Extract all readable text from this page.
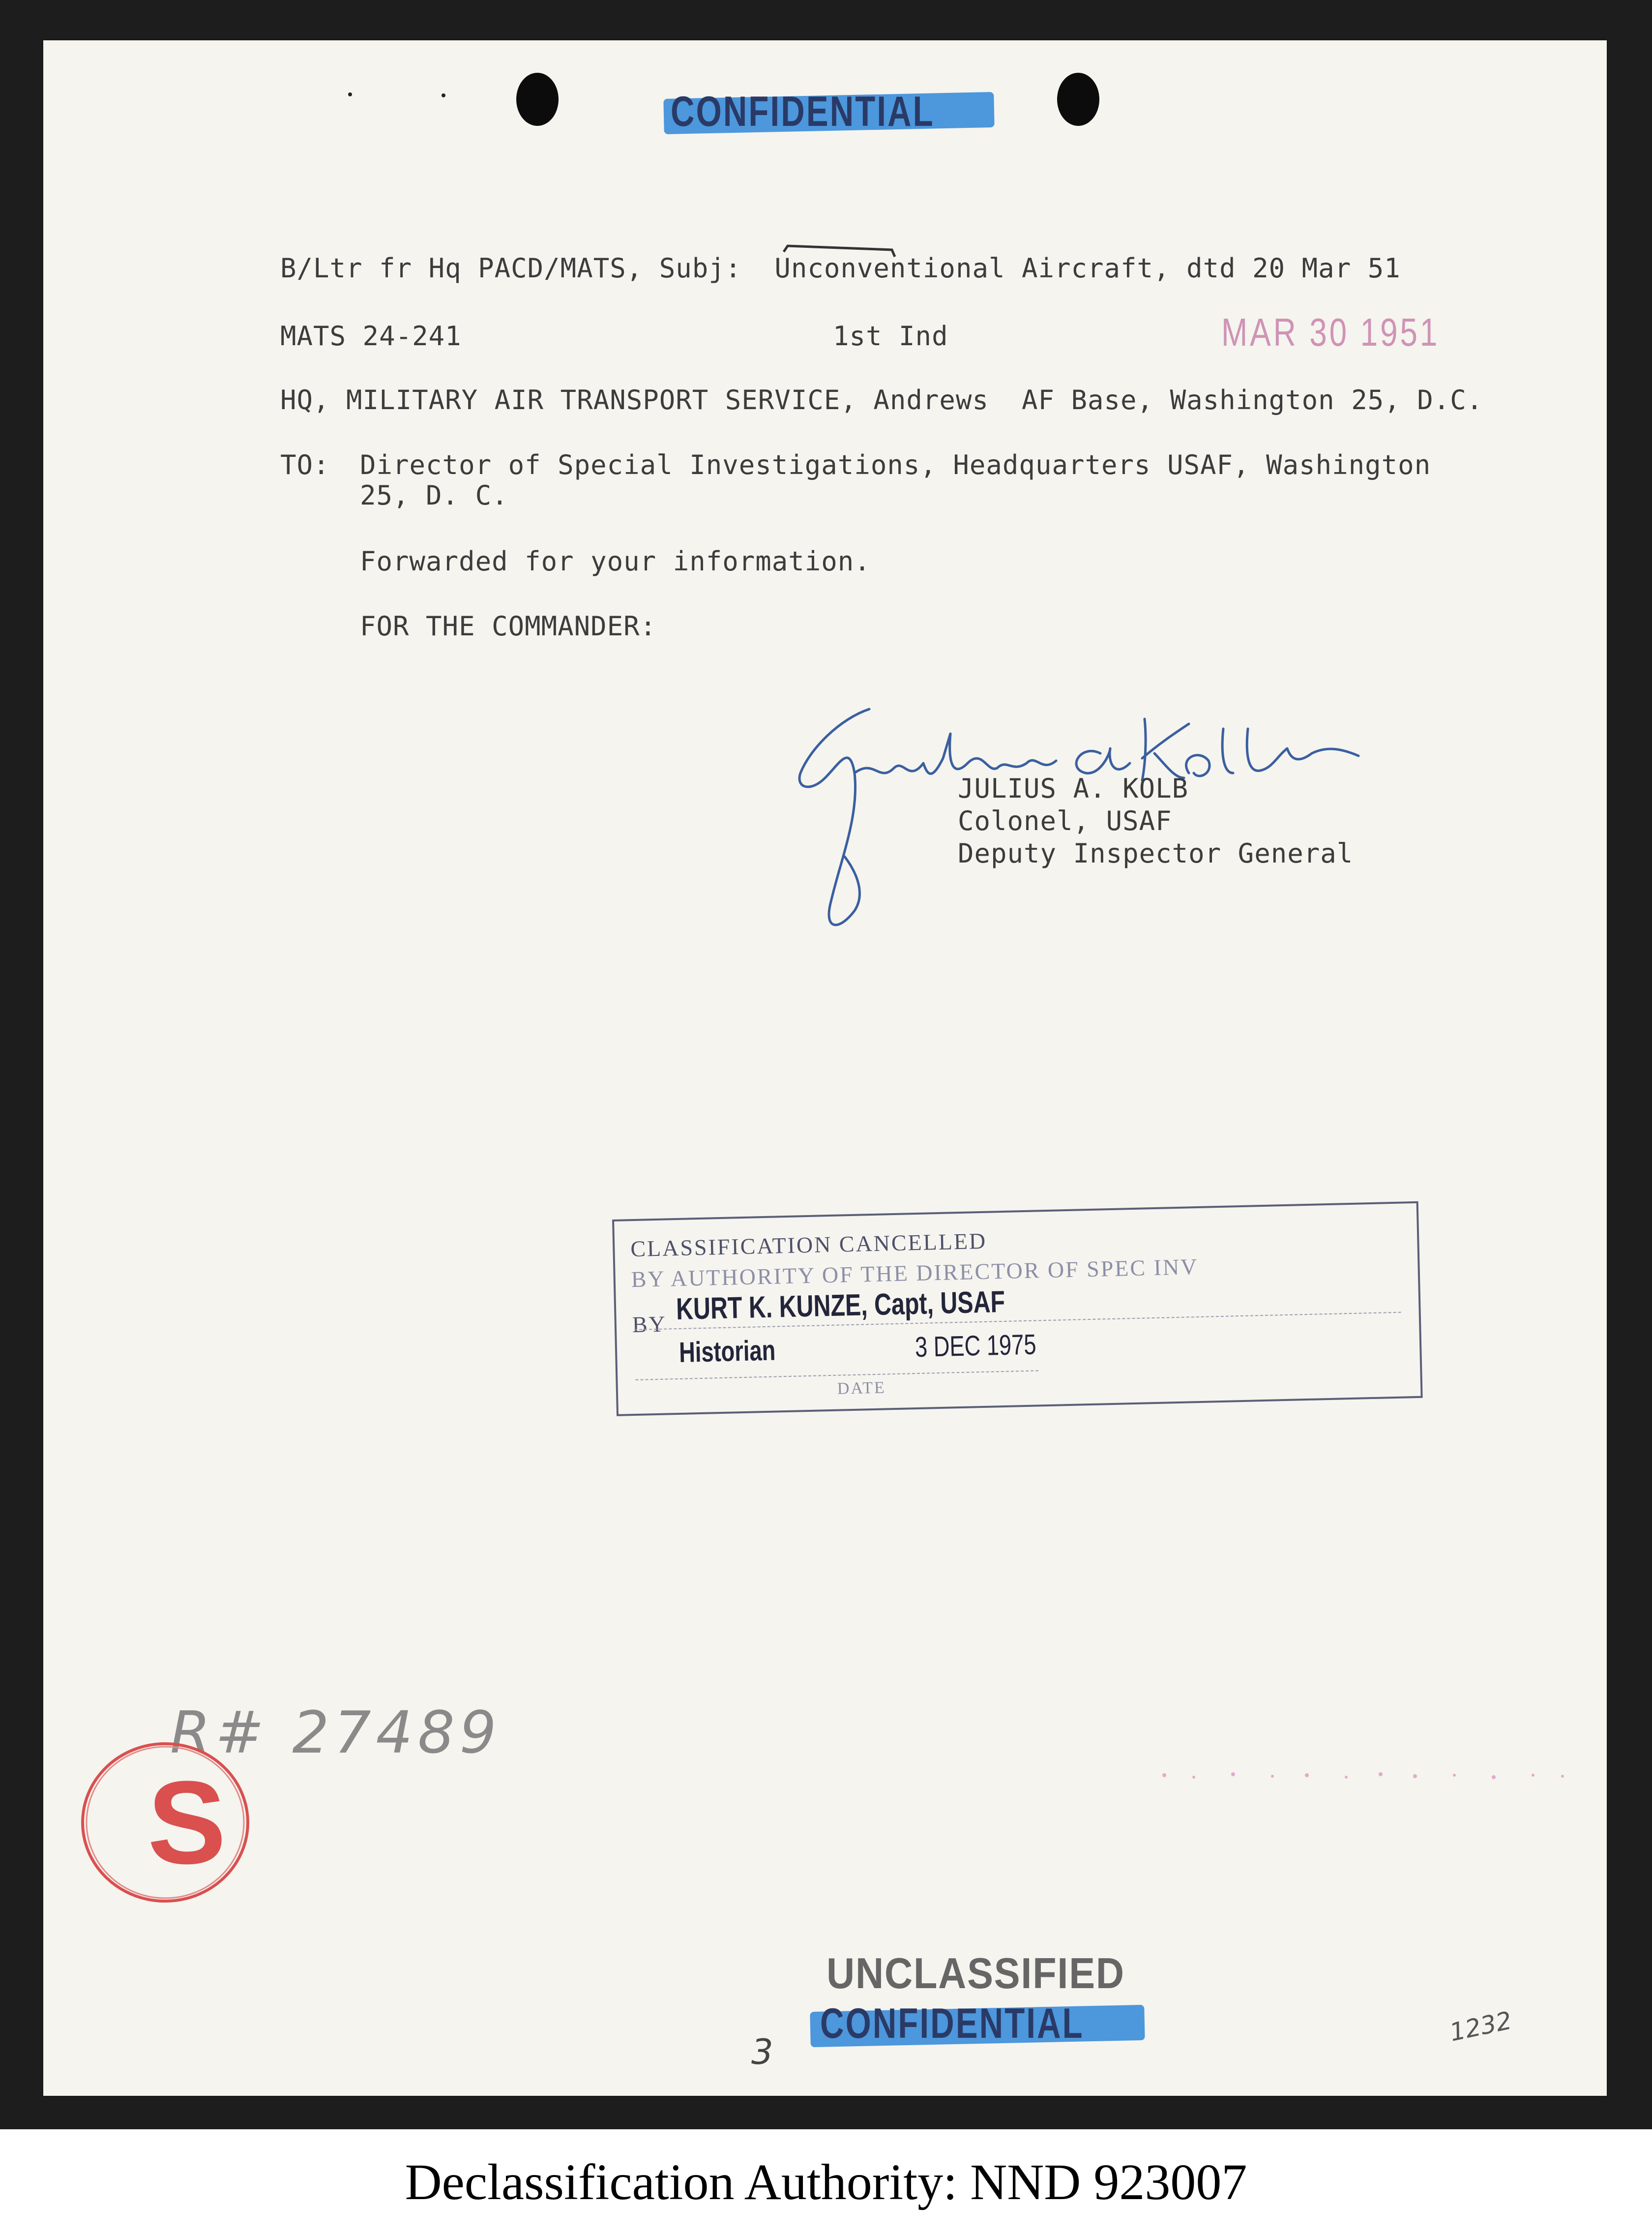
CONFIDENTIAL
B/Ltr fr Hq PACD/MATS, Subj:  Unconventional Aircraft, dtd 20 Mar 51
MATS 24-241	1st Ind	MAR 30 1951
HQ, MILITARY AIR TRANSPORT SERVICE, Andrews  AF Base, Washington 25, D.C.
TO: Director of Special Investigations, Headquarters USAF, Washington
25, D. C.
Forwarded for your information.
FOR THE COMMANDER:
JULIUS A. KOLB
Colonel, USAF
Deputy Inspector General
CLASSIFICATION CANCELLED
BY AUTHORITY OF THE DIRECTOR OF SPEC INV
BY KURT K. KUNZE, Capt, USAF
Historian	3 DEC 1975
DATE
R# 27489
S
UNCLASSIFIED
CONFIDENTIAL
3
1232
Declassification Authority: NND 923007
